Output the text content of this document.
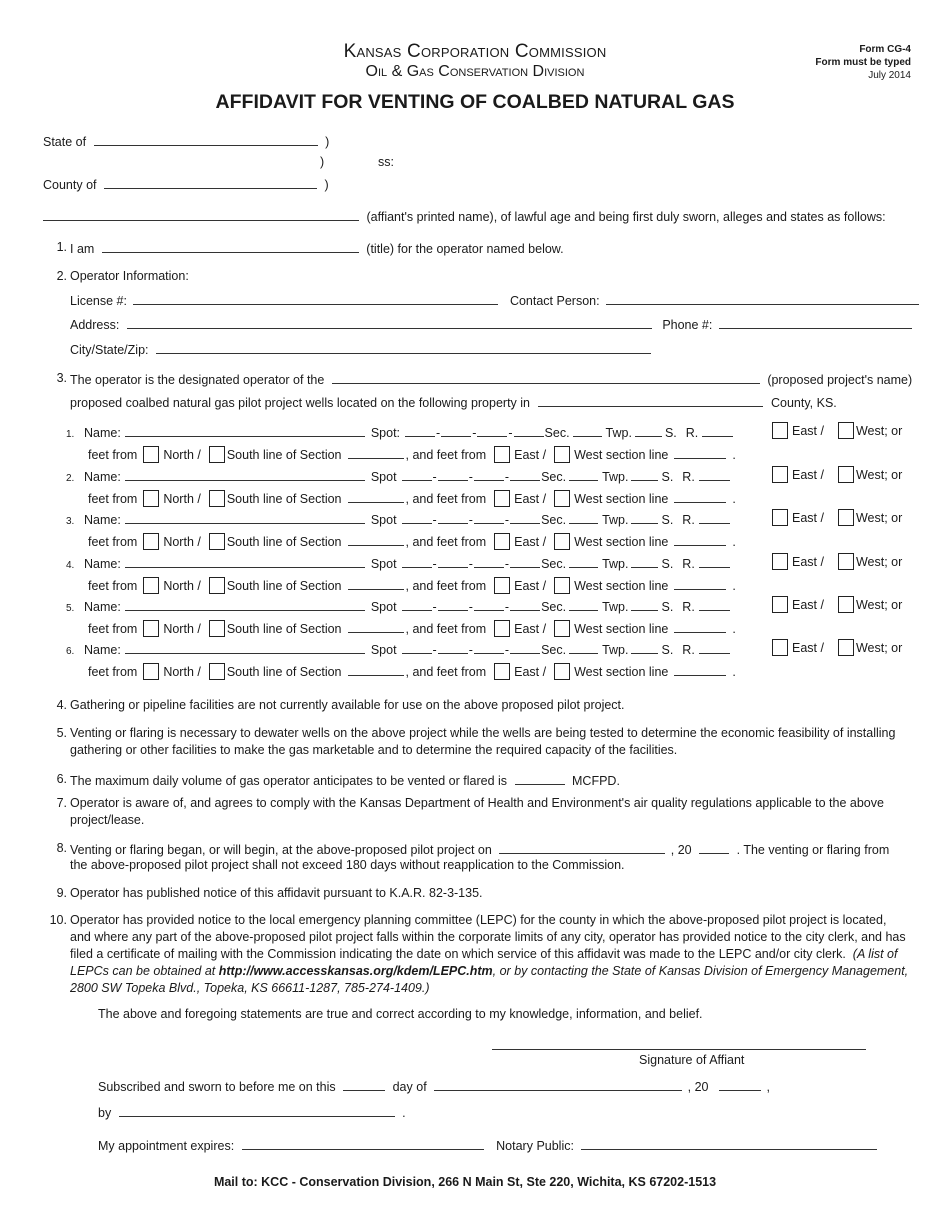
Kansas Corporation Commission
Oil & Gas Conservation Division
Form CG-4
Form must be typed
July 2014
AFFIDAVIT FOR VENTING OF COALBED NATURAL GAS
State of	)
)	ss:
County of	)
(affiant's printed name), of lawful age and being first duly sworn, alleges and states as follows:
1. I am	(title) for the operator named below.
2. Operator Information:
License #:	Contact Person:
Address:	Phone #:
City/State/Zip:
3. The operator is the designated operator of the	(proposed project's name)
proposed coalbed natural gas pilot project wells located on the following property in	County, KS.
1. Name:	Spot:	-	-	-	Sec.	Twp.	S. R.	East /	West; or
feet from North / South line of Section	, and feet from East / West section line	.
2. Name:	Spot	-	-	-	Sec.	Twp.	S. R.	East /	West; or
feet from North / South line of Section	, and feet from East / West section line	.
3. Name:	Spot	-	-	-	Sec.	Twp.	S. R.	East /	West; or
feet from North / South line of Section	, and feet from East / West section line	.
4. Name:	Spot	-	-	-	Sec.	Twp.	S. R.	East /	West; or
feet from North / South line of Section	, and feet from East / West section line	.
5. Name:	Spot	-	-	-	Sec.	Twp.	S. R.	East /	West; or
feet from North / South line of Section	, and feet from East / West section line	.
6. Name:	Spot	-	-	-	Sec.	Twp.	S. R.	East /	West; or
feet from North / South line of Section	, and feet from East / West section line	.
4. Gathering or pipeline facilities are not currently available for use on the above proposed pilot project.
5. Venting or flaring is necessary to dewater wells on the above project while the wells are being tested to determine the economic feasibility of installing gathering or other facilities to make the gas marketable and to determine the required capacity of the facilities.
6. The maximum daily volume of gas operator anticipates to be vented or flared is	MCFPD.
7. Operator is aware of, and agrees to comply with the Kansas Department of Health and Environment's air quality regulations applicable to the above project/lease.
8. Venting or flaring began, or will begin, at the above-proposed pilot project on	, 20	. The venting or flaring from
the above-proposed pilot project shall not exceed 180 days without reapplication to the Commission.
9. Operator has published notice of this affidavit pursuant to K.A.R. 82-3-135.
10. Operator has provided notice to the local emergency planning committee (LEPC) for the county in which the above-proposed pilot project is located, and where any part of the above-proposed pilot project falls within the corporate limits of any city, operator has provided notice to the city clerk, and has filed a certificate of mailing with the Commission indicating the date on which service of this affidavit was made to the LEPC and/or city clerk. (A list of LEPCs can be obtained at http://www.accesskansas.org/kdem/LEPC.htm, or by contacting the State of Kansas Division of Emergency Management, 2800 SW Topeka Blvd., Topeka, KS 66611-1287, 785-274-1409.)
The above and foregoing statements are true and correct according to my knowledge, information, and belief.
Signature of Affiant
Subscribed and sworn to before me on this	day of	, 20	,
by	.
My appointment expires:	Notary Public:
Mail to: KCC - Conservation Division, 266 N Main St, Ste 220, Wichita, KS 67202-1513
